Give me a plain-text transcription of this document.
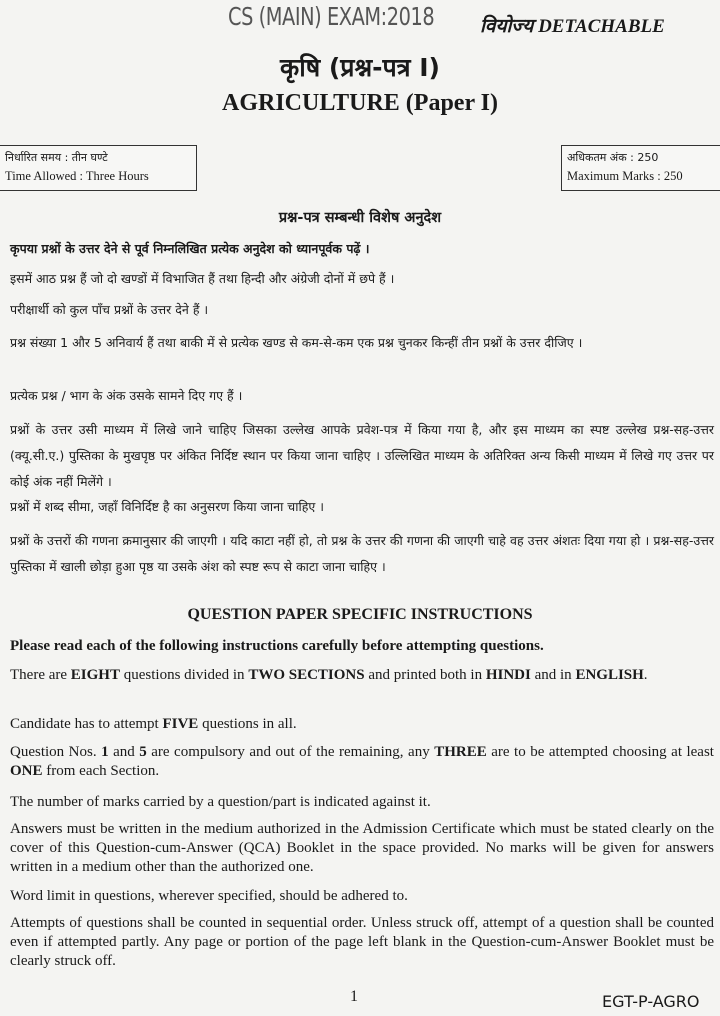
CS (MAIN) EXAM:2018 वियोज्य DETACHABLE
कृषि (प्रश्न-पत्र I)
AGRICULTURE (Paper I)
निर्धारित समय : तीन घण्टे
Time Allowed : Three Hours
अधिकतम अंक : 250
Maximum Marks : 250
प्रश्न-पत्र सम्बन्धी विशेष अनुदेश
कृपया प्रश्नों के उत्तर देने से पूर्व निम्नलिखित प्रत्येक अनुदेश को ध्यानपूर्वक पढ़ें ।
इसमें आठ प्रश्न हैं जो दो खण्डों में विभाजित हैं तथा हिन्दी और अंग्रेजी दोनों में छपे हैं ।
परीक्षार्थी को कुल पाँच प्रश्नों के उत्तर देने हैं ।
प्रश्न संख्या 1 और 5 अनिवार्य हैं तथा बाकी में से प्रत्येक खण्ड से कम-से-कम एक प्रश्न चुनकर किन्हीं तीन प्रश्नों के उत्तर दीजिए ।
प्रत्येक प्रश्न / भाग के अंक उसके सामने दिए गए हैं ।
प्रश्नों के उत्तर उसी माध्यम में लिखे जाने चाहिए जिसका उल्लेख आपके प्रवेश-पत्र में किया गया है, और इस माध्यम का स्पष्ट उल्लेख प्रश्न-सह-उत्तर (क्यू.सी.ए.) पुस्तिका के मुखपृष्ठ पर अंकित निर्दिष्ट स्थान पर किया जाना चाहिए । उल्लिखित माध्यम के अतिरिक्त अन्य किसी माध्यम में लिखे गए उत्तर पर कोई अंक नहीं मिलेंगे ।
प्रश्नों में शब्द सीमा, जहाँ विनिर्दिष्ट है का अनुसरण किया जाना चाहिए ।
प्रश्नों के उत्तरों की गणना क्रमानुसार की जाएगी । यदि काटा नहीं हो, तो प्रश्न के उत्तर की गणना की जाएगी चाहे वह उत्तर अंशतः दिया गया हो । प्रश्न-सह-उत्तर पुस्तिका में खाली छोड़ा हुआ पृष्ठ या उसके अंश को स्पष्ट रूप से काटा जाना चाहिए ।
QUESTION PAPER SPECIFIC INSTRUCTIONS
Please read each of the following instructions carefully before attempting questions.
There are EIGHT questions divided in TWO SECTIONS and printed both in HINDI and in ENGLISH.
Candidate has to attempt FIVE questions in all.
Question Nos. 1 and 5 are compulsory and out of the remaining, any THREE are to be attempted choosing at least ONE from each Section.
The number of marks carried by a question/part is indicated against it.
Answers must be written in the medium authorized in the Admission Certificate which must be stated clearly on the cover of this Question-cum-Answer (QCA) Booklet in the space provided. No marks will be given for answers written in a medium other than the authorized one.
Word limit in questions, wherever specified, should be adhered to.
Attempts of questions shall be counted in sequential order. Unless struck off, attempt of a question shall be counted even if attempted partly. Any page or portion of the page left blank in the Question-cum-Answer Booklet must be clearly struck off.
1	EGT-P-AGRO
